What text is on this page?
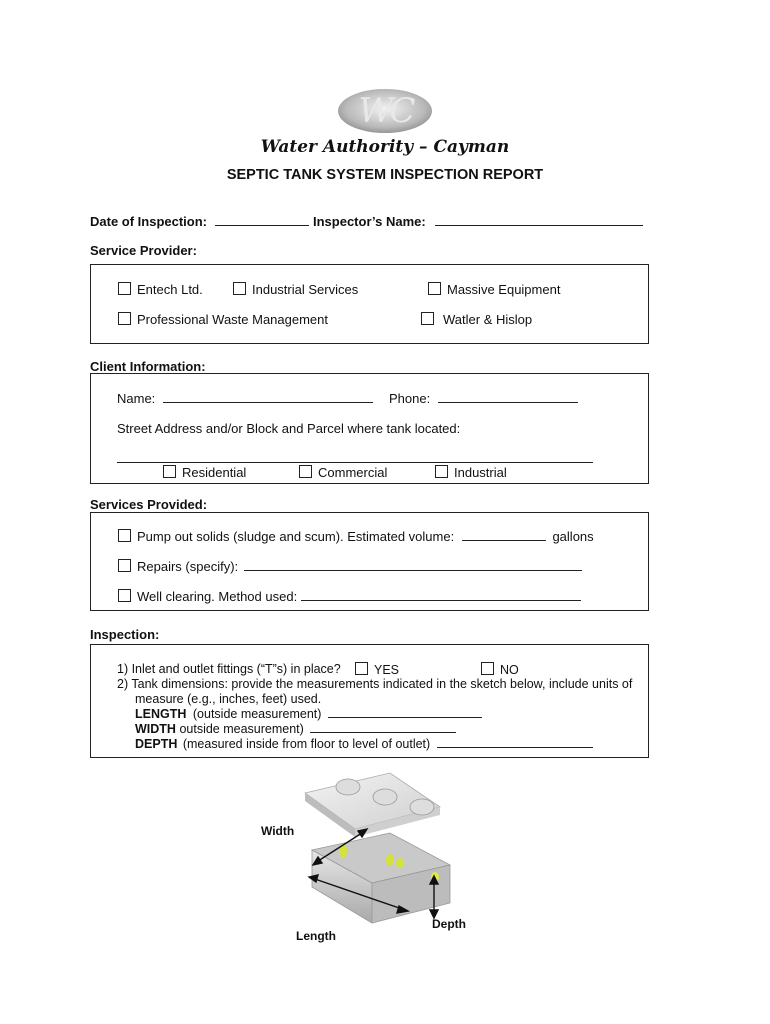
WC
Water Authority – Cayman
SEPTIC TANK SYSTEM INSPECTION REPORT
Date of Inspection:	Inspector’s Name:
Service Provider:
Entech Ltd.	Industrial Services	Massive Equipment
Professional Waste Management	Watler & Hislop
Client Information:
Name:	Phone:
Street Address and/or Block and Parcel where tank located:
Residential	Commercial	Industrial
Services Provided:
Pump out solids (sludge and scum). Estimated volume:	gallons
Repairs (specify):
Well clearing. Method used:
Inspection:
1) Inlet and outlet fittings (“T”s) in place?	YES	NO
2) Tank dimensions: provide the measurements indicated in the sketch below, include units of
measure (e.g., inches, feet) used.
LENGTH (outside measurement)
WIDTH outside measurement)
DEPTH (measured inside from floor to level of outlet)
Width
Depth
Length
